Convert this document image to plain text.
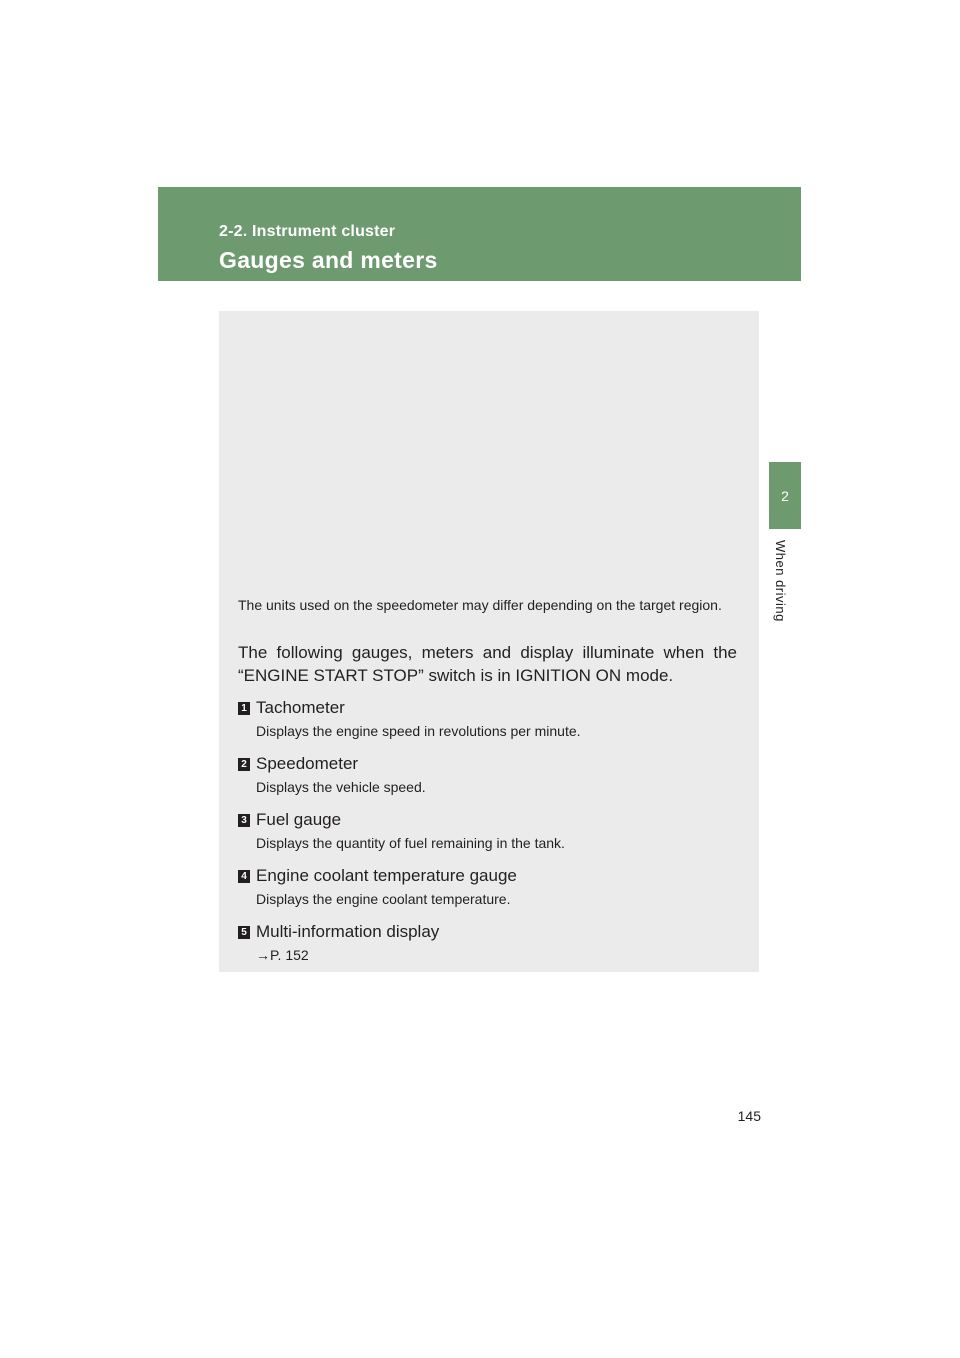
2-2. Instrument cluster
Gauges and meters
2
When driving
The units used on the speedometer may differ depending on the target region.
The following gauges, meters and display illuminate when the “ENGINE START STOP” switch is in IGNITION ON mode.
1 Tachometer
Displays the engine speed in revolutions per minute.
2 Speedometer
Displays the vehicle speed.
3 Fuel gauge
Displays the quantity of fuel remaining in the tank.
4 Engine coolant temperature gauge
Displays the engine coolant temperature.
5 Multi-information display
→P. 152
145
